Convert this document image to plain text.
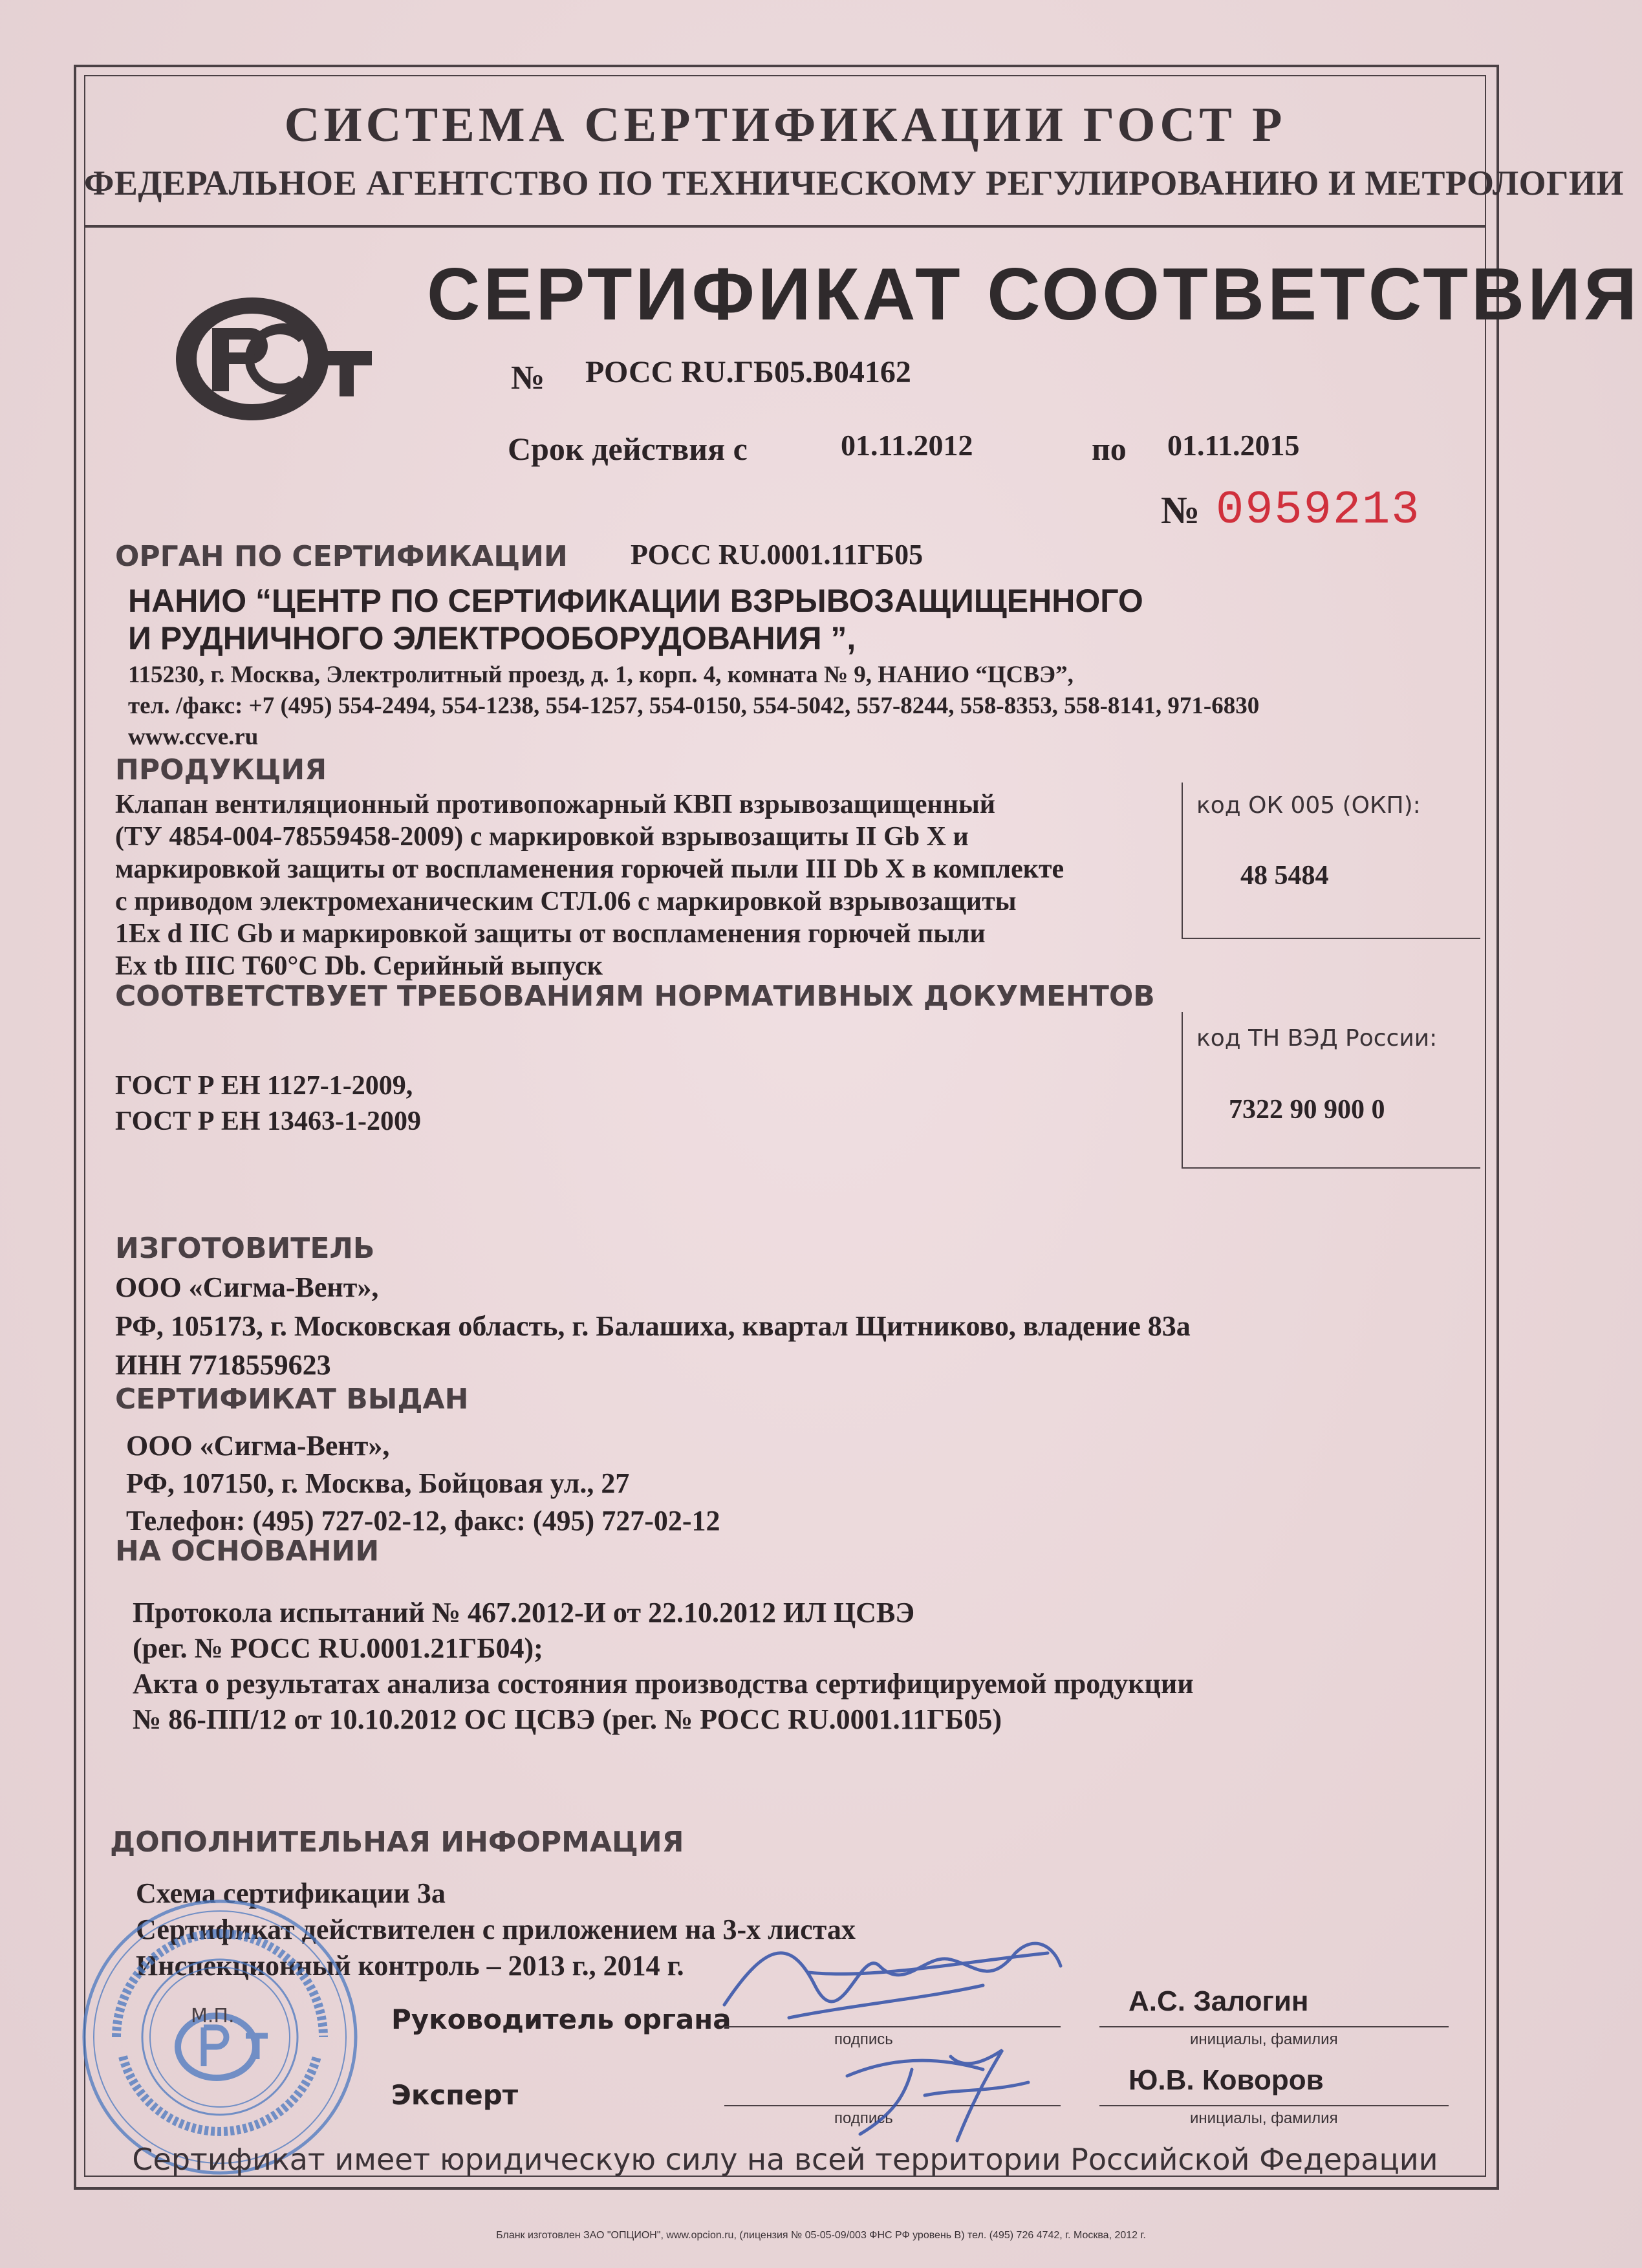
СИСТЕМА СЕРТИФИКАЦИИ ГОСТ Р
ФЕДЕРАЛЬНОЕ АГЕНТСТВО ПО ТЕХНИЧЕСКОМУ РЕГУЛИРОВАНИЮ И МЕТРОЛОГИИ
СЕРТИФИКАТ СООТВЕТСТВИЯ
№ РОСС RU.ГБ05.В04162
Срок действия с	01.11.2012	по 01.11.2015
№ 0959213
ОРГАН ПО СЕРТИФИКАЦИИ РОСС RU.0001.11ГБ05
НАНИО “ЦЕНТР ПО СЕРТИФИКАЦИИ ВЗРЫВОЗАЩИЩЕННОГО
И РУДНИЧНОГО ЭЛЕКТРООБОРУДОВАНИЯ ”,
115230, г. Москва, Электролитный проезд, д. 1, корп. 4, комната № 9, НАНИО “ЦСВЭ”,
тел. /факс: +7 (495) 554-2494, 554-1238, 554-1257, 554-0150, 554-5042, 557-8244, 558-8353, 558-8141, 971-6830
www.ccve.ru
ПРОДУКЦИЯ
Клапан вентиляционный противопожарный КВП взрывозащищенный
(ТУ 4854-004-78559458-2009) с маркировкой взрывозащиты II Gb X и
маркировкой защиты от воспламенения горючей пыли III Db X в комплекте
с приводом электромеханическим СТЛ.06 с маркировкой взрывозащиты
1Ex d IIC Gb и маркировкой защиты от воспламенения горючей пыли
Ex tb IIIC T60°C Db. Серийный выпуск
код ОК 005 (ОКП):
48 5484
СООТВЕТСТВУЕТ ТРЕБОВАНИЯМ НОРМАТИВНЫХ ДОКУМЕНТОВ
ГОСТ Р ЕН 1127-1-2009,
ГОСТ Р ЕН 13463-1-2009
код ТН ВЭД России:
7322 90 900 0
ИЗГОТОВИТЕЛЬ
ООО «Сигма-Вент»,
РФ, 105173, г. Московская область, г. Балашиха, квартал Щитниково, владение 83а
ИНН 7718559623
СЕРТИФИКАТ ВЫДАН
ООО «Сигма-Вент»,
РФ, 107150, г. Москва, Бойцовая ул., 27
Телефон: (495) 727-02-12, факс: (495) 727-02-12
НА ОСНОВАНИИ
Протокола испытаний № 467.2012-И от 22.10.2012 ИЛ ЦСВЭ
(рег. № РОСС RU.0001.21ГБ04);
Акта о результатах анализа состояния производства сертифицируемой продукции
№ 86-ПП/12 от 10.10.2012 ОС ЦСВЭ (рег. № РОСС RU.0001.11ГБ05)
ДОПОЛНИТЕЛЬНАЯ ИНФОРМАЦИЯ
Схема сертификации 3а
Сертификат действителен с приложением на 3-х листах
Инспекционный контроль – 2013 г., 2014 г.
Руководитель органа
подпись
А.С. Залогин
инициалы, фамилия
Эксперт
подпись
Ю.В. Коворов
инициалы, фамилия
М.П.
Сертификат имеет юридическую силу на всей территории Российской Федерации
Бланк изготовлен ЗАО "ОПЦИОН", www.opcion.ru, (лицензия № 05-05-09/003 ФНС РФ уровень В) тел. (495) 726 4742, г. Москва, 2012 г.
